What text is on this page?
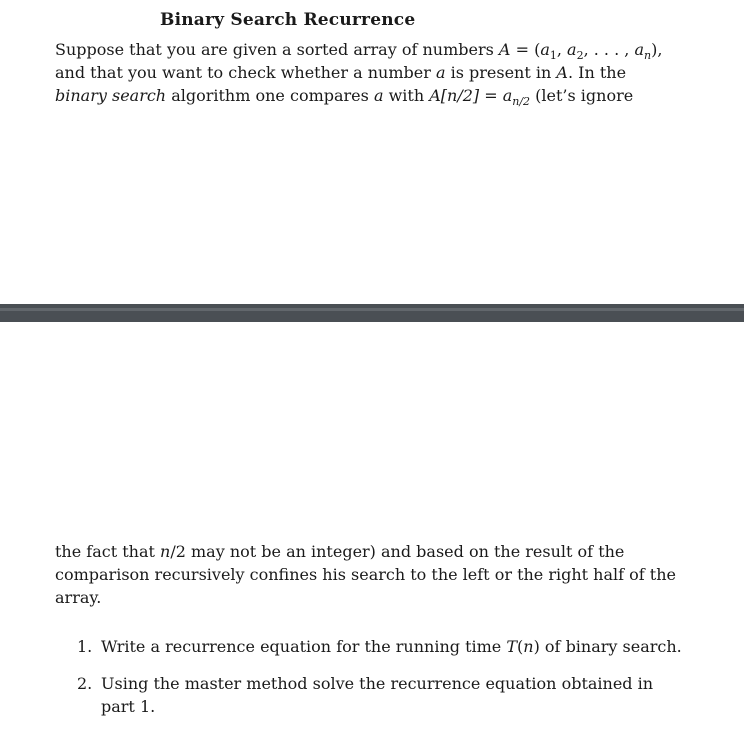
Binary Search Recurrence
Suppose that you are given a sorted array of numbers $A = (a_1$, $a_2$, . . . , $a_n$),
and that you want to check whether a number a is present in A. In the
binary search algorithm one compares a with $A[n/2] = a_{n/2}$ (let’s ignore
the fact that n/2 may not be an integer) and based on the result of the
comparison recursively confines his search to the left or the right half of the
array.
1. Write a recurrence equation for the running time T(n) of binary search.
2. Using the master method solve the recurrence equation obtained in
part 1.
